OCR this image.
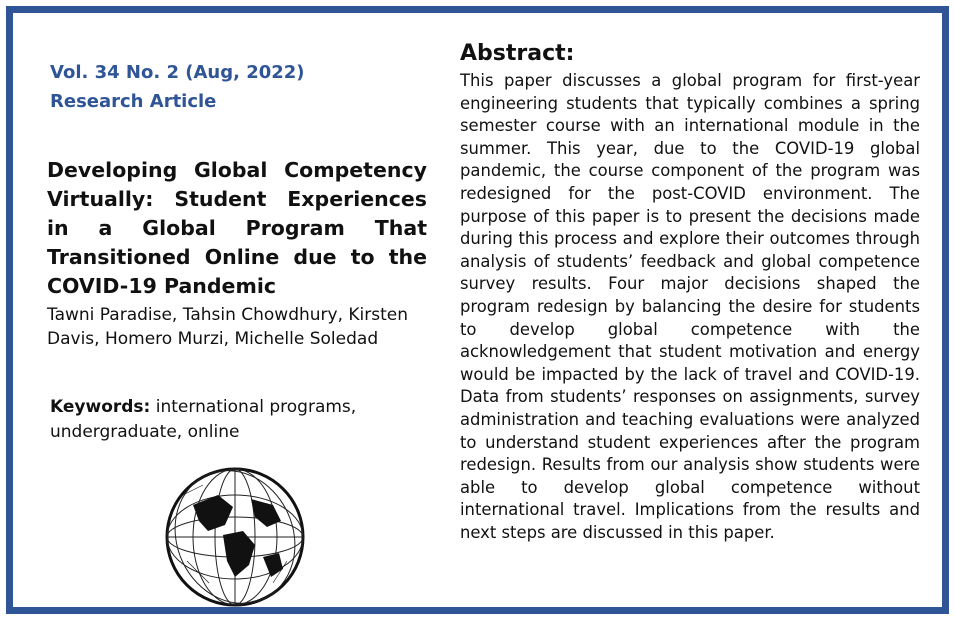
Vol. 34 No. 2 (Aug, 2022)
Research Article
Developing Global Competency Virtually: Student Experiences in a Global Program That Transitioned Online due to the COVID-19 Pandemic

Tawni Paradise, Tahsin Chowdhury, Kirsten Davis, Homero Murzi, Michelle Soledad

Keywords: international programs, undergraduate, online

Abstract:

This paper discusses a global program for first-year engineering students that typically combines a spring semester course with an international module in the summer. This year, due to the COVID-19 global pandemic, the course component of the program was redesigned for the post-COVID environment. The purpose of this paper is to present the decisions made during this process and explore their outcomes through analysis of students’ feedback and global competence survey results. Four major decisions shaped the program redesign by balancing the desire for students to develop global competence with the acknowledgement that student motivation and energy would be impacted by the lack of travel and COVID-19. Data from students’ responses on assignments, survey administration and teaching evaluations were analyzed to understand student experiences after the program redesign. Results from our analysis show students were able to develop global competence without international travel. Implications from the results and next steps are discussed in this paper.
